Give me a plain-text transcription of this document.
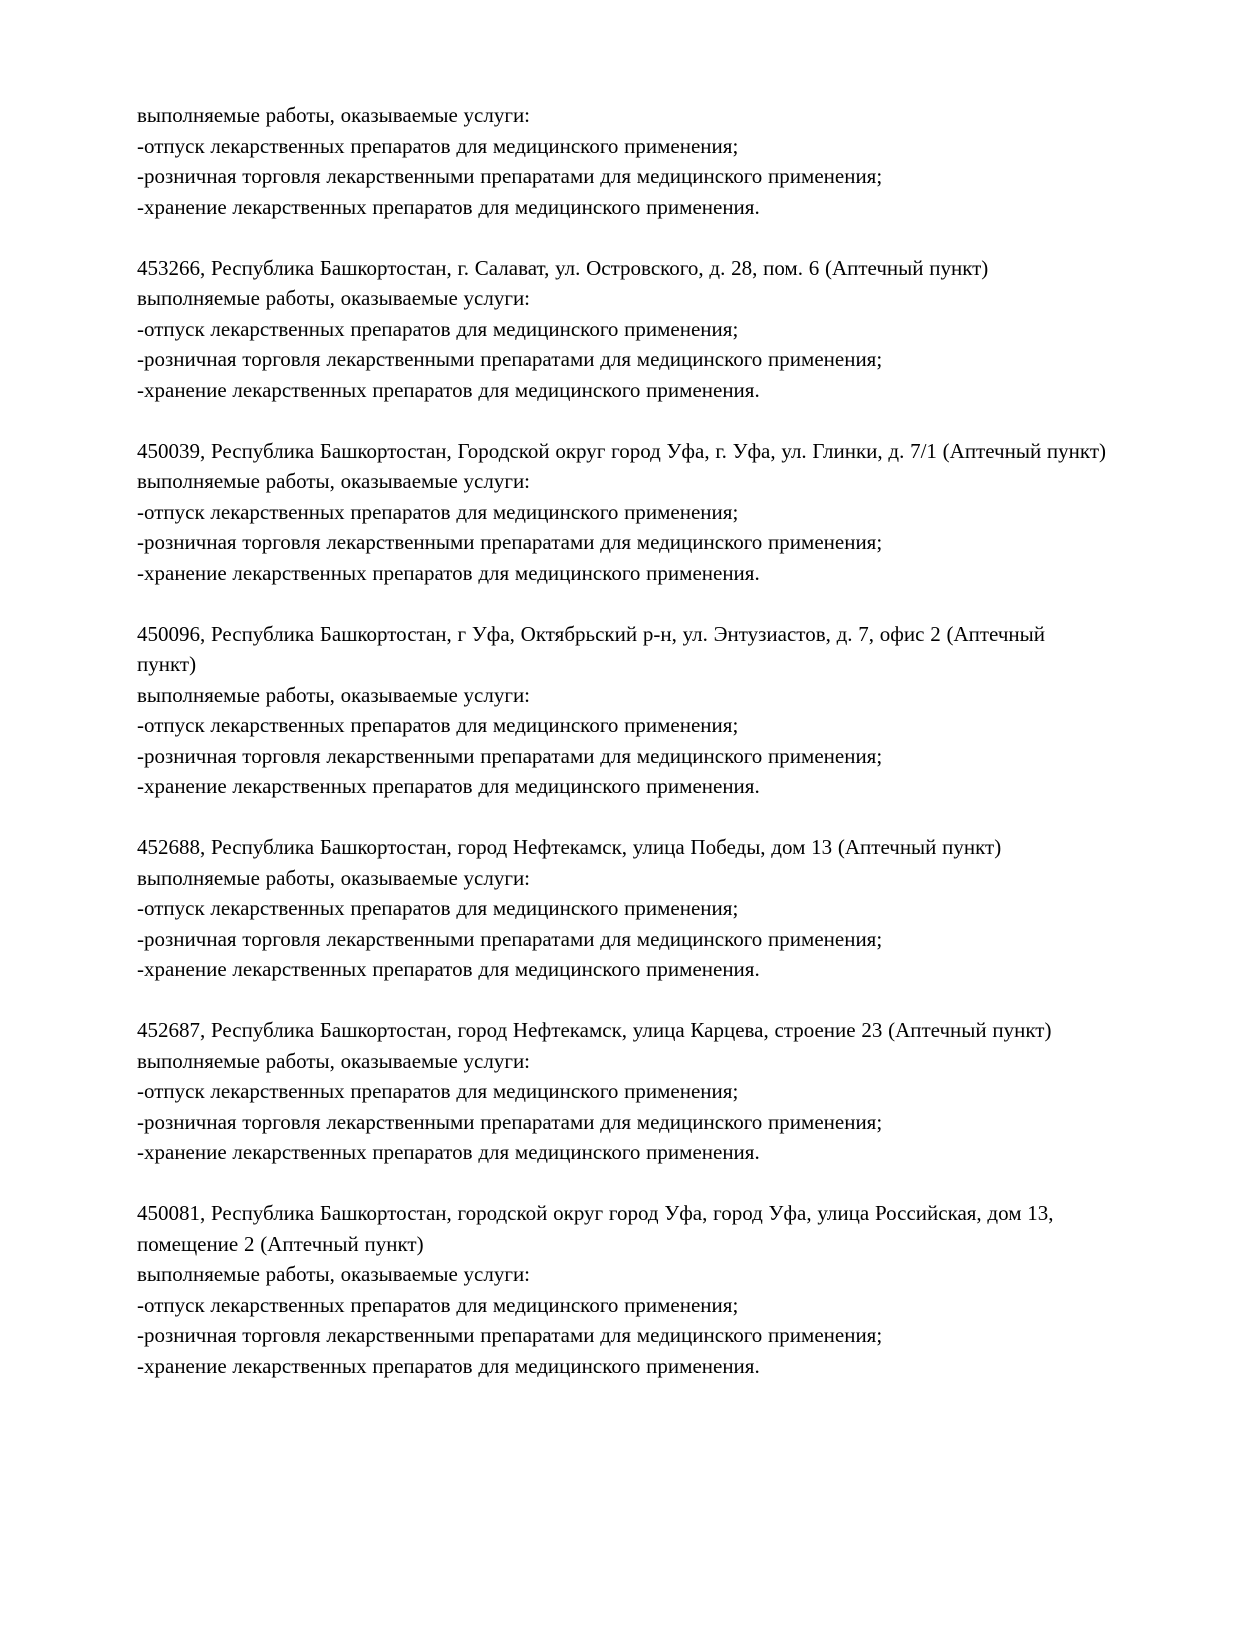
выполняемые работы, оказываемые услуги:

-отпуск лекарственных препаратов для медицинского применения;

-розничная торговля лекарственными препаратами для медицинского применения;

-хранение лекарственных препаратов для медицинского применения.

453266, Республика Башкортостан, г. Салават, ул. Островского, д. 28, пом. 6 (Аптечный пункт)

выполняемые работы, оказываемые услуги:

-отпуск лекарственных препаратов для медицинского применения;

-розничная торговля лекарственными препаратами для медицинского применения;

-хранение лекарственных препаратов для медицинского применения.

450039, Республика Башкортостан, Городской округ город Уфа, г. Уфа, ул. Глинки, д. 7/1 (Аптечный пункт)

выполняемые работы, оказываемые услуги:

-отпуск лекарственных препаратов для медицинского применения;

-розничная торговля лекарственными препаратами для медицинского применения;

-хранение лекарственных препаратов для медицинского применения.

450096, Республика Башкортостан, г Уфа, Октябрьский р-н, ул. Энтузиастов, д. 7, офис 2 (Аптечный пункт)

выполняемые работы, оказываемые услуги:

-отпуск лекарственных препаратов для медицинского применения;

-розничная торговля лекарственными препаратами для медицинского применения;

-хранение лекарственных препаратов для медицинского применения.

452688, Республика Башкортостан, город Нефтекамск, улица Победы, дом 13 (Аптечный пункт)

выполняемые работы, оказываемые услуги:

-отпуск лекарственных препаратов для медицинского применения;

-розничная торговля лекарственными препаратами для медицинского применения;

-хранение лекарственных препаратов для медицинского применения.

452687, Республика Башкортостан, город Нефтекамск, улица Карцева, строение 23 (Аптечный пункт)

выполняемые работы, оказываемые услуги:

-отпуск лекарственных препаратов для медицинского применения;

-розничная торговля лекарственными препаратами для медицинского применения;

-хранение лекарственных препаратов для медицинского применения.

450081, Республика Башкортостан, городской округ город Уфа, город Уфа, улица Российская, дом 13, помещение 2 (Аптечный пункт)

выполняемые работы, оказываемые услуги:

-отпуск лекарственных препаратов для медицинского применения;

-розничная торговля лекарственными препаратами для медицинского применения;

-хранение лекарственных препаратов для медицинского применения.
